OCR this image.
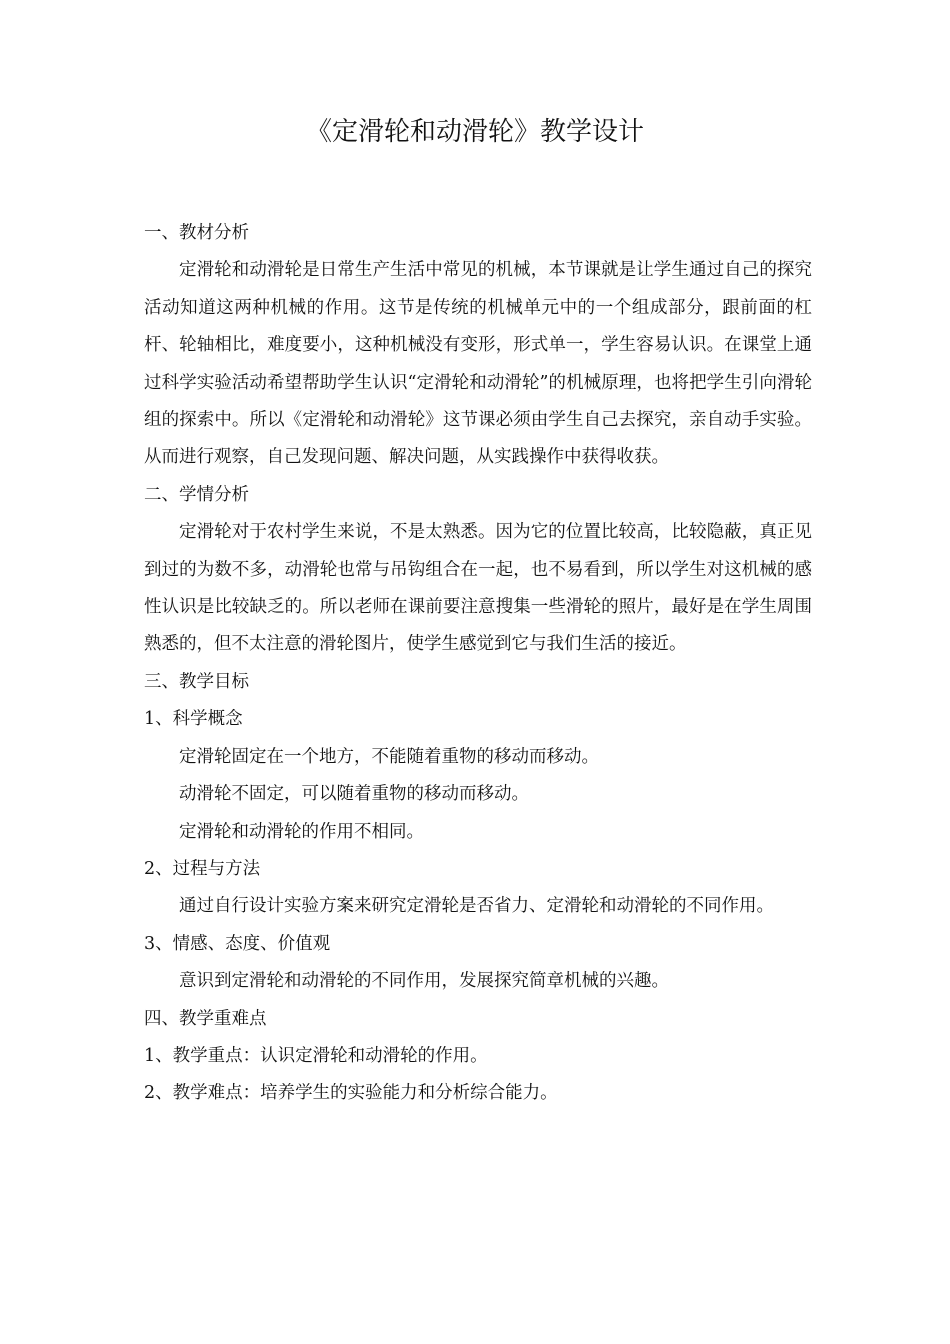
《定滑轮和动滑轮》教学设计

一、教材分析

定滑轮和动滑轮是日常生产生活中常见的机械，本节课就是让学生通过自己的探究活动知道这两种机械的作用。这节是传统的机械单元中的一个组成部分，跟前面的杠杆、轮轴相比，难度要小，这种机械没有变形，形式单一，学生容易认识。在课堂上通过科学实验活动希望帮助学生认识“定滑轮和动滑轮”的机械原理，也将把学生引向滑轮组的探索中。所以《定滑轮和动滑轮》这节课必须由学生自己去探究，亲自动手实验。从而进行观察，自己发现问题、解决问题，从实践操作中获得收获。

二、学情分析

定滑轮对于农村学生来说，不是太熟悉。因为它的位置比较高，比较隐蔽，真正见到过的为数不多，动滑轮也常与吊钩组合在一起，也不易看到，所以学生对这机械的感性认识是比较缺乏的。所以老师在课前要注意搜集一些滑轮的照片，最好是在学生周围熟悉的，但不太注意的滑轮图片，使学生感觉到它与我们生活的接近。

三、教学目标

1、科学概念

定滑轮固定在一个地方，不能随着重物的移动而移动。

动滑轮不固定，可以随着重物的移动而移动。

定滑轮和动滑轮的作用不相同。

2、过程与方法

通过自行设计实验方案来研究定滑轮是否省力、定滑轮和动滑轮的不同作用。

3、情感、态度、价值观

意识到定滑轮和动滑轮的不同作用，发展探究简章机械的兴趣。

四、教学重难点

1、教学重点：认识定滑轮和动滑轮的作用。

2、教学难点：培养学生的实验能力和分析综合能力。
